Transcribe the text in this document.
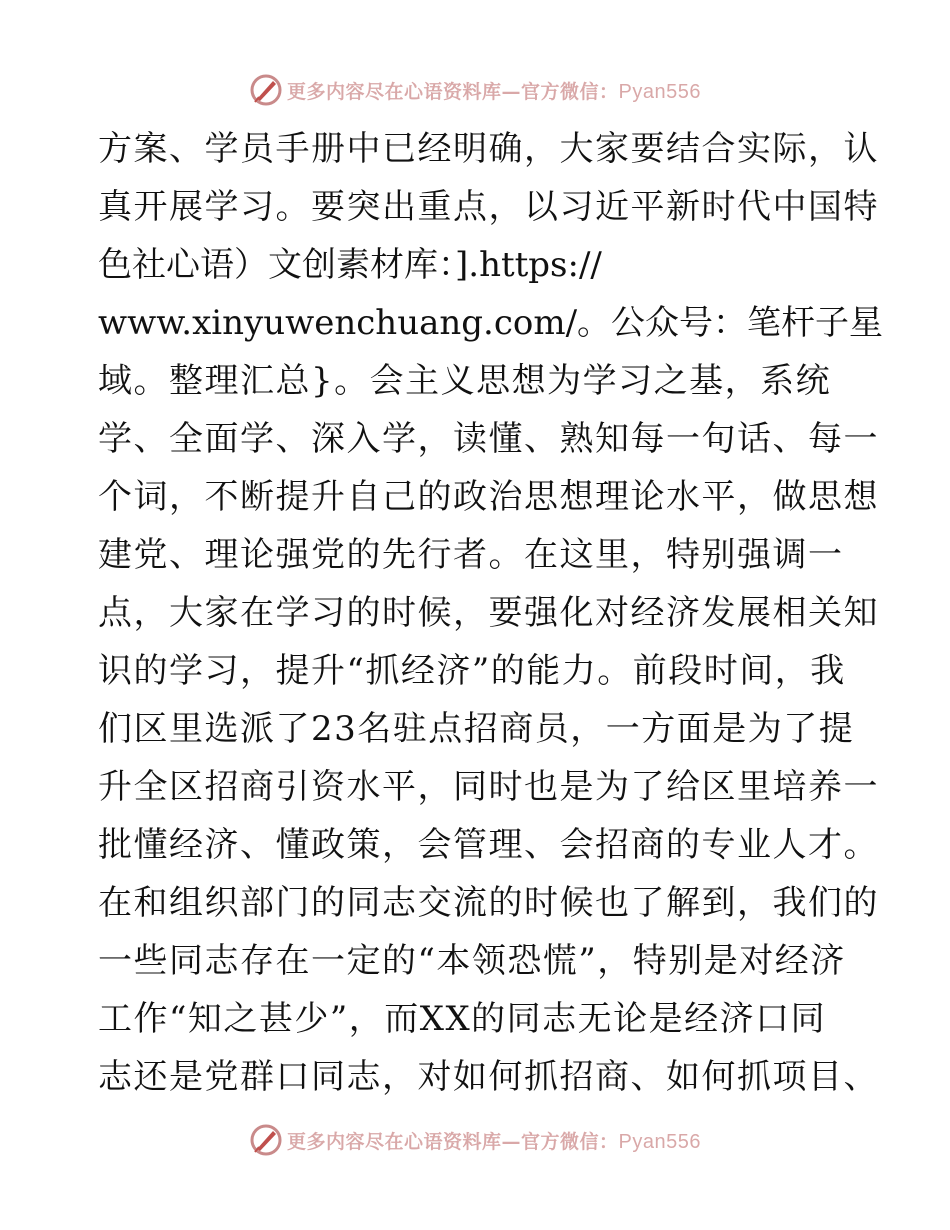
更多内容尽在心语资料库—官方微信：Pyan556
方案、学员手册中已经明确，大家要结合实际，认
真开展学习。要突出重点，以习近平新时代中国特
色社心语）文创素材库：].https://
www.xinyuwenchuang.com/。公众号：笔杆子星
域。整理汇总}。会主义思想为学习之基，系统
学、全面学、深入学，读懂、熟知每一句话、每一
个词，不断提升自己的政治思想理论水平，做思想
建党、理论强党的先行者。在这里，特别强调一
点，大家在学习的时候，要强化对经济发展相关知
识的学习，提升“抓经济”的能力。前段时间，我
们区里选派了23名驻点招商员，一方面是为了提
升全区招商引资水平，同时也是为了给区里培养一
批懂经济、懂政策，会管理、会招商的专业人才。
在和组织部门的同志交流的时候也了解到，我们的
一些同志存在一定的“本领恐慌”，特别是对经济
工作“知之甚少”，而XX的同志无论是经济口同
志还是党群口同志，对如何抓招商、如何抓项目、
更多内容尽在心语资料库—官方微信：Pyan556
